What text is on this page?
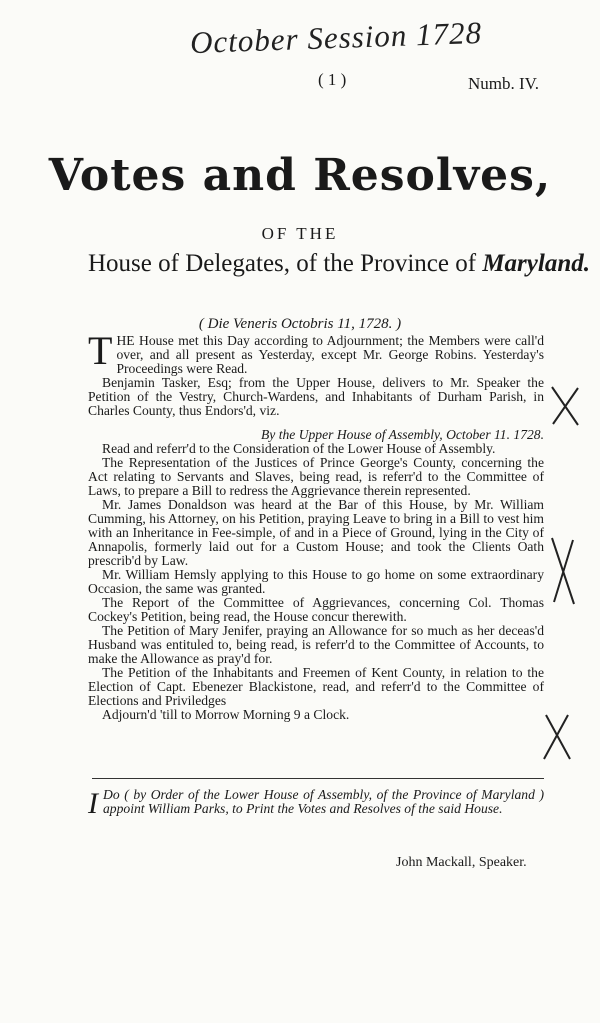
October Session 1728
( 1 )	Numb. IV.
Votes and Resolves,
OF THE
House of Delegates, of the Province of Maryland.
( Die Veneris Octobris 11, 1728. )

THE House met this Day according to Adjournment; the Members were call'd over, and all present as Yesterday, except Mr. George Robins. Yesterday's Proceedings were Read.

Benjamin Tasker, Esq; from the Upper House, delivers to Mr. Speaker the Petition of the Vestry, Church-Wardens, and Inhabitants of Durham Parish, in Charles County, thus Endors'd, viz.

By the Upper House of Assembly, October 11. 1728.

Read and referr'd to the Consideration of the Lower House of Assembly.

The Representation of the Justices of Prince George's County, concerning the Act relating to Servants and Slaves, being read, is referr'd to the Committee of Laws, to prepare a Bill to redress the Aggrievance therein represented.

Mr. James Donaldson was heard at the Bar of this House, by Mr. William Cumming, his Attorney, on his Petition, praying Leave to bring in a Bill to vest him with an Inheritance in Fee-simple, of and in a Piece of Ground, lying in the City of Annapolis, formerly laid out for a Custom House; and took the Clients Oath prescrib'd by Law.

Mr. William Hemsly applying to this House to go home on some extraordinary Occasion, the same was granted.

The Report of the Committee of Aggrievances, concerning Col. Thomas Cockey's Petition, being read, the House concur therewith.

The Petition of Mary Jenifer, praying an Allowance for so much as her deceas'd Husband was entituled to, being read, is referr'd to the Committee of Accounts, to make the Allowance as pray'd for.

The Petition of the Inhabitants and Freemen of Kent County, in relation to the Election of Capt. Ebenezer Blackistone, read, and referr'd to the Committee of Elections and Priviledges

Adjourn'd 'till to Morrow Morning 9 a Clock.

I Do ( by Order of the Lower House of Assembly, of the Province of Maryland ) appoint William Parks, to Print the Votes and Resolves of the said House.
John Mackall, Speaker.
